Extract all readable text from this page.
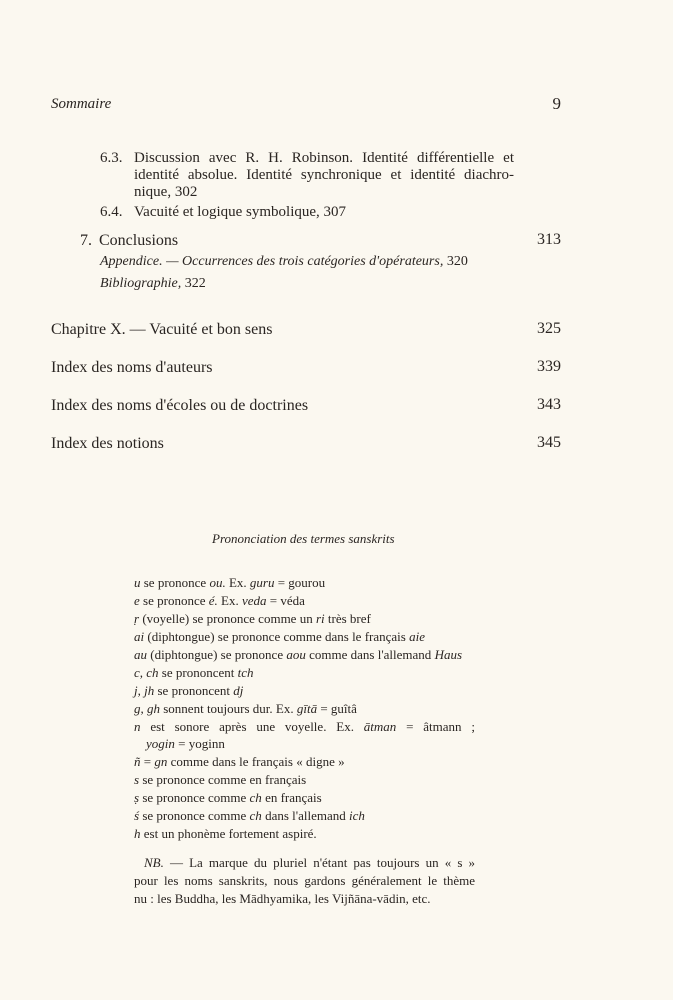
Sommaire	9
6.3. Discussion avec R. H. Robinson. Identité différentielle et
identité absolue. Identité synchronique et identité diachro-
nique, 302
6.4. Vacuité et logique symbolique, 307
7. Conclusions	313
Appendice. — Occurrences des trois catégories d'opérateurs, 320
Bibliographie, 322
Chapitre X. — Vacuité et bon sens	325
Index des noms d'auteurs	339
Index des noms d'écoles ou de doctrines	343
Index des notions	345
Prononciation des termes sanskrits
u se prononce ou. Ex. guru = gourou
e se prononce é. Ex. veda = véda
ṛ (voyelle) se prononce comme un ri très bref
ai (diphtongue) se prononce comme dans le français aie
au (diphtongue) se prononce aou comme dans l'allemand Haus
c, ch se prononcent tch
j, jh se prononcent dj
g, gh sonnent toujours dur. Ex. gītā = guîtâ
n est sonore après une voyelle. Ex. ātman = âtmann ;
yogin = yoginn
ñ = gn comme dans le français « digne »
s se prononce comme en français
ṣ se prononce comme ch en français
ś se prononce comme ch dans l'allemand ich
h est un phonème fortement aspiré.
NB. — La marque du pluriel n'étant pas toujours un « s »
pour les noms sanskrits, nous gardons généralement le thème
nu : les Buddha, les Mādhyamika, les Vijñāna-vādin, etc.
